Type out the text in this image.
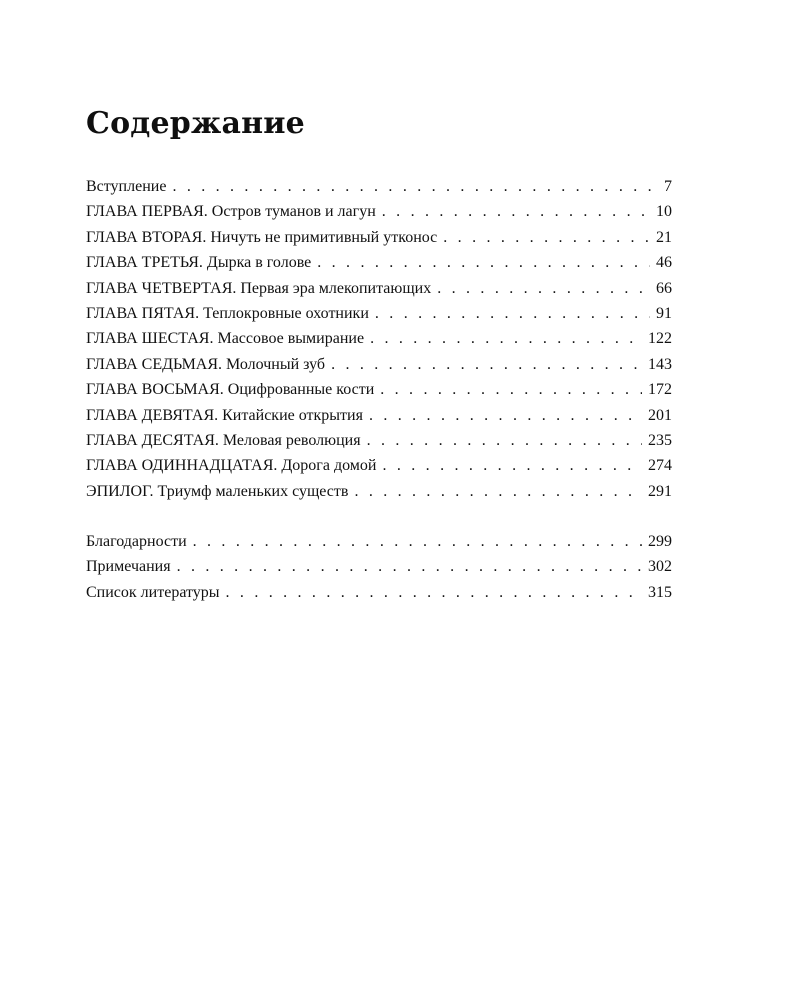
Содержание
Вступление . . .	7
ГЛАВА ПЕРВАЯ. Остров туманов и лагун . . .	10
ГЛАВА ВТОРАЯ. Ничуть не примитивный утконос . . .	21
ГЛАВА ТРЕТЬЯ. Дырка в голове . . .	46
ГЛАВА ЧЕТВЕРТАЯ. Первая эра млекопитающих . . .	66
ГЛАВА ПЯТАЯ. Теплокровные охотники . . .	91
ГЛАВА ШЕСТАЯ. Массовое вымирание . . .	122
ГЛАВА СЕДЬМАЯ. Молочный зуб . . .	143
ГЛАВА ВОСЬМАЯ. Оцифрованные кости . . .	172
ГЛАВА ДЕВЯТАЯ. Китайские открытия . . .	201
ГЛАВА ДЕСЯТАЯ. Меловая революция . . .	235
ГЛАВА ОДИННАДЦАТАЯ. Дорога домой . . .	274
ЭПИЛОГ. Триумф маленьких существ . . .	291
Благодарности . . .	299
Примечания . . .	302
Список литературы . . .	315
